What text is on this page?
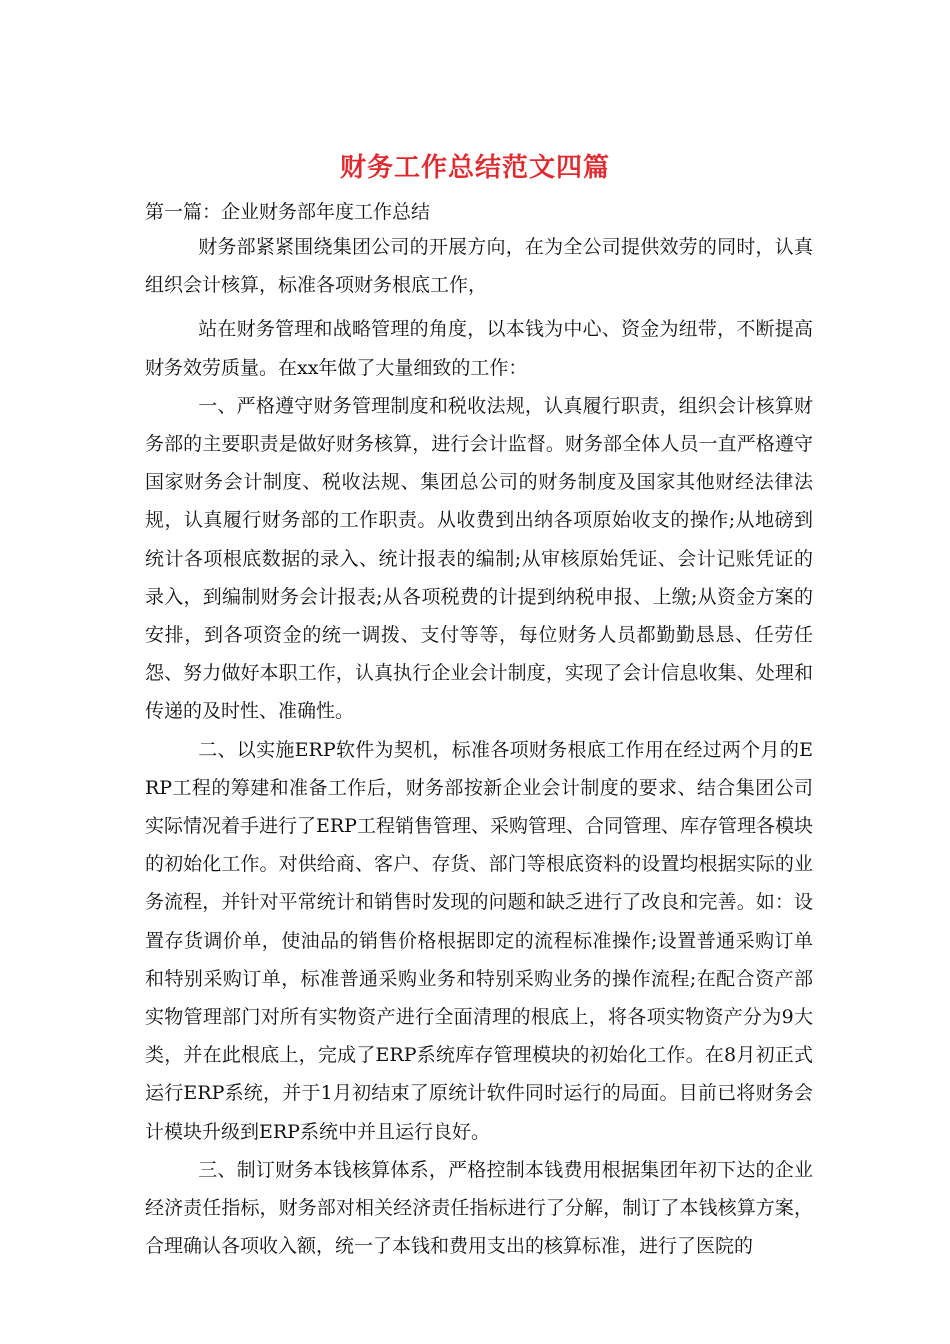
财务工作总结范文四篇

第一篇：企业财务部年度工作总结

财务部紧紧围绕集团公司的开展方向，在为全公司提供效劳的同时，认真组织会计核算，标准各项财务根底工作，

站在财务管理和战略管理的角度，以本钱为中心、资金为纽带，不断提高财务效劳质量。在xx年做了大量细致的工作：

一、严格遵守财务管理制度和税收法规，认真履行职责，组织会计核算财务部的主要职责是做好财务核算，进行会计监督。财务部全体人员一直严格遵守国家财务会计制度、税收法规、集团总公司的财务制度及国家其他财经法律法规，认真履行财务部的工作职责。从收费到出纳各项原始收支的操作;从地磅到统计各项根底数据的录入、统计报表的编制;从审核原始凭证、会计记账凭证的录入，到编制财务会计报表;从各项税费的计提到纳税申报、上缴;从资金方案的安排，到各项资金的统一调拨、支付等等，每位财务人员都勤勤恳恳、任劳任怨、努力做好本职工作，认真执行企业会计制度，实现了会计信息收集、处理和传递的及时性、准确性。

二、以实施ERP软件为契机，标准各项财务根底工作用在经过两个月的ERP工程的筹建和准备工作后，财务部按新企业会计制度的要求、结合集团公司实际情况着手进行了ERP工程销售管理、采购管理、合同管理、库存管理各模块的初始化工作。对供给商、客户、存货、部门等根底资料的设置均根据实际的业务流程，并针对平常统计和销售时发现的问题和缺乏进行了改良和完善。如：设置存货调价单，使油品的销售价格根据即定的流程标准操作;设置普通采购订单和特别采购订单，标准普通采购业务和特别采购业务的操作流程;在配合资产部实物管理部门对所有实物资产进行全面清理的根底上，将各项实物资产分为9大类，并在此根底上，完成了ERP系统库存管理模块的初始化工作。在8月初正式运行ERP系统，并于1月初结束了原统计软件同时运行的局面。目前已将财务会计模块升级到ERP系统中并且运行良好。

三、制订财务本钱核算体系，严格控制本钱费用根据集团年初下达的企业经济责任指标，财务部对相关经济责任指标进行了分解，制订了本钱核算方案，合理确认各项收入额，统一了本钱和费用支出的核算标准，进行了医院的
